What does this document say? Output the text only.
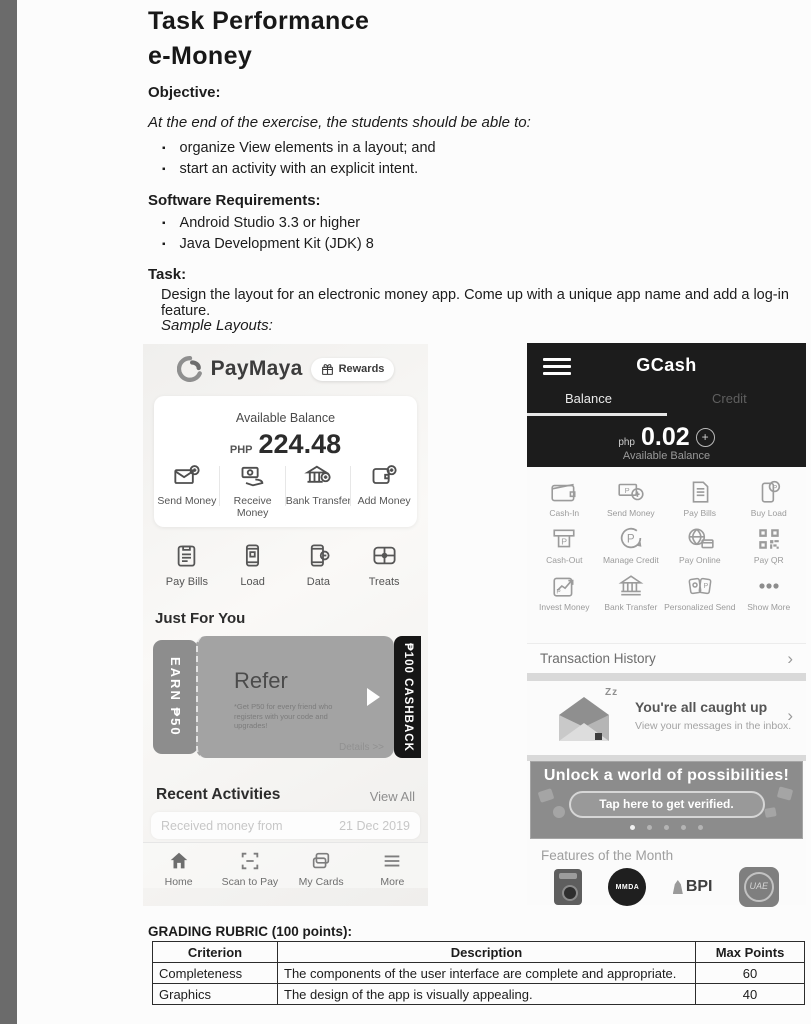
Task Performance
e-Money
Objective:
At the end of the exercise, the students should be able to:
▪ organize View elements in a layout; and
▪ start an activity with an explicit intent.
Software Requirements:
▪ Android Studio 3.3 or higher
▪ Java Development Kit (JDK) 8
Task:
Design the layout for an electronic money app. Come up with a unique app name and add a log-in feature.
Sample Layouts:
PayMaya	Rewards
Available Balance
PHP 224.48
Send Money	Receive Money
Bank Transfer Add Money
Pay Bills	Load	Data	Treats
Just For You
EARN ₱50 Refer
*Get P50 for every friend who registers with your code and upgrades!
Details >>
₱100 CASHBACK
Recent Activities	View All
Received money from	21 Dec 2019
Home	Scan to Pay My Cards	More
GCash
Balance	Credit
php 0.02 +
Available Balance
Cash-In
P
Send Money	Pay Bills
P
Buy Load
P
Cash-Out
P
Manage Credit Pay Online	Pay QR
P
Invest Money Bank Transfer
P
Personalized Send Show More
Transaction History	›
Zz
You're all caught up
View your messages in the inbox.
›
Unlock a world of possibilities!
Tap here to get verified.
Features of the Month
MMDA	BPI	UAE
GRADING RUBRIC (100 points):
Criterion	Description	Max Points
Completeness	The components of the user interface are complete and appropriate.	60
Graphics	The design of the app is visually appealing.	40
